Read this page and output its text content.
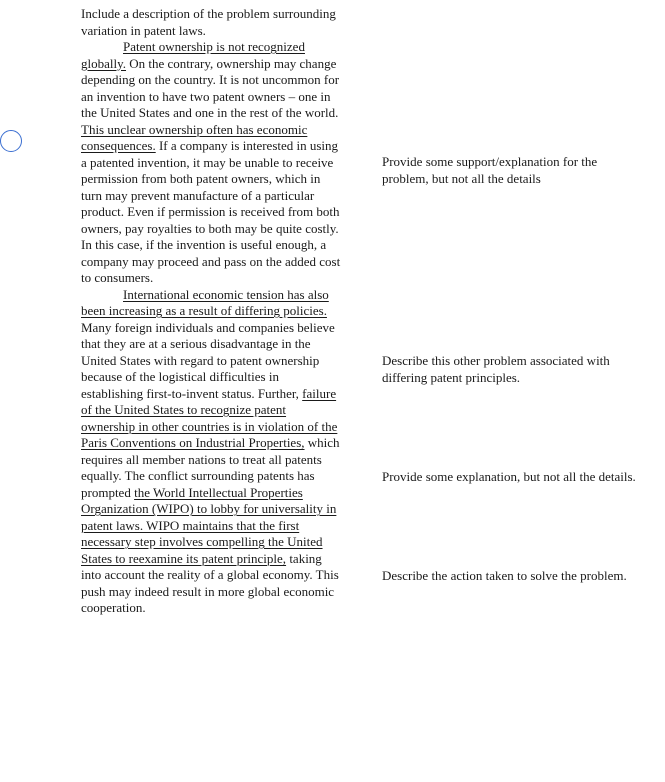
Include a description of the problem surrounding variation in patent laws.

Patent ownership is not recognized globally. On the contrary, ownership may change depending on the country. It is not uncommon for an invention to have two patent owners – one in the United States and one in the rest of the world. This unclear ownership often has economic consequences. If a company is interested in using a patented invention, it may be unable to receive permission from both patent owners, which in turn may prevent manufacture of a particular product. Even if permission is received from both owners, pay royalties to both may be quite costly. In this case, if the invention is useful enough, a company may proceed and pass on the added cost to consumers.

International economic tension has also been increasing as a result of differing policies. Many foreign individuals and companies believe that they are at a serious disadvantage in the United States with regard to patent ownership because of the logistical difficulties in establishing first-to-invent status. Further, failure of the United States to recognize patent ownership in other countries is in violation of the Paris Conventions on Industrial Properties, which requires all member nations to treat all patents equally. The conflict surrounding patents has prompted the World Intellectual Properties Organization (WIPO) to lobby for universality in patent laws. WIPO maintains that the first necessary step involves compelling the United States to reexamine its patent principle, taking into account the reality of a global economy. This push may indeed result in more global economic cooperation.

Provide some support/explanation for the problem, but not all the details

Describe this other problem associated with differing patent principles.

Provide some explanation, but not all the details.

Describe the action taken to solve the problem.
